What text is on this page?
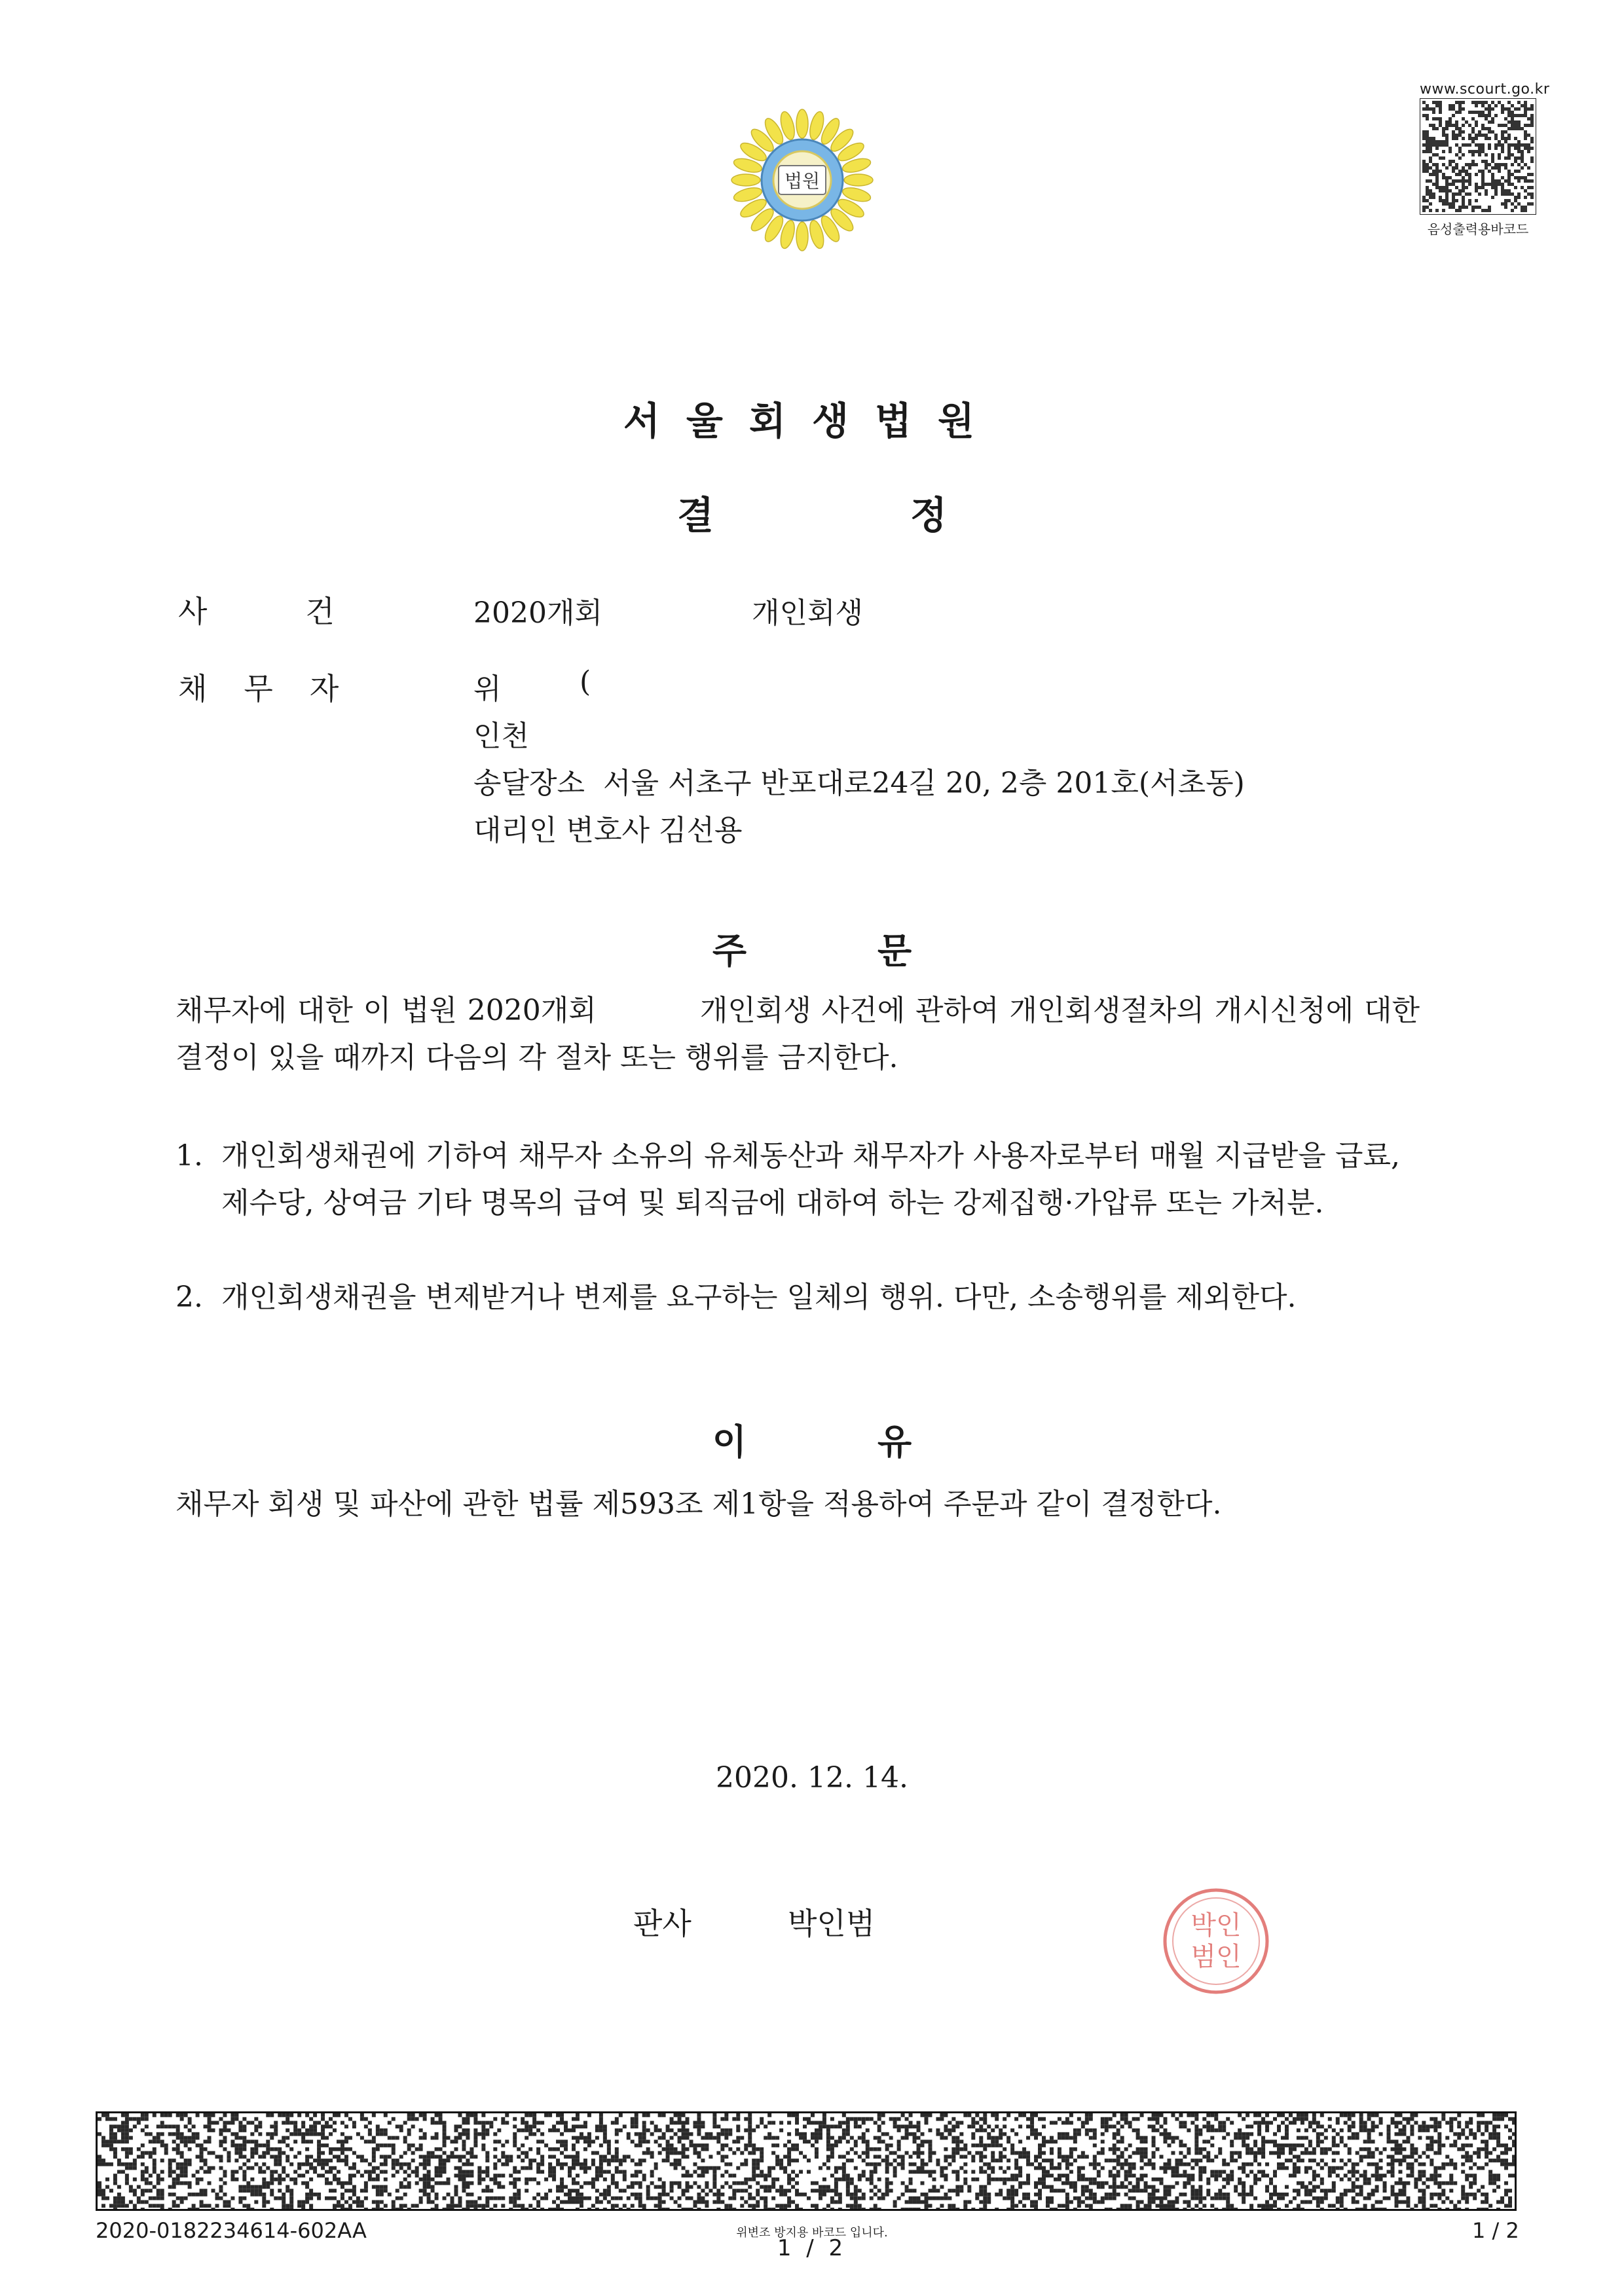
법원
www.scourt.go.kr
음성출력용바코드
서울회생법원
결정
사건 2020개회	개인회생
채무자	위	(
인천
송달장소  서울 서초구 반포대로24길 20, 2층 201호(서초동)
대리인 변호사 김선용
주문
채무자에 대한 이 법원 2020개회          개인회생 사건에 관하여 개인회생절차의 개시신청에 대한 결정이 있을 때까지 다음의 각 절차 또는 행위를 금지한다.
1. 개인회생채권에 기하여 채무자 소유의 유체동산과 채무자가 사용자로부터 매월 지급받을 급료, 제수당, 상여금 기타 명목의 급여 및 퇴직금에 대하여 하는 강제집행·가압류 또는 가처분.
2. 개인회생채권을 변제받거나 변제를 요구하는 일체의 행위. 다만, 소송행위를 제외한다.
이유
채무자 회생 및 파산에 관한 법률 제593조 제1항을 적용하여 주문과 같이 결정한다.
2020. 12. 14.
판사	박인범	박인
범인
2020-0182234614-602AA	위변조 방지용 바코드 입니다.
1 / 2
1 / 2
